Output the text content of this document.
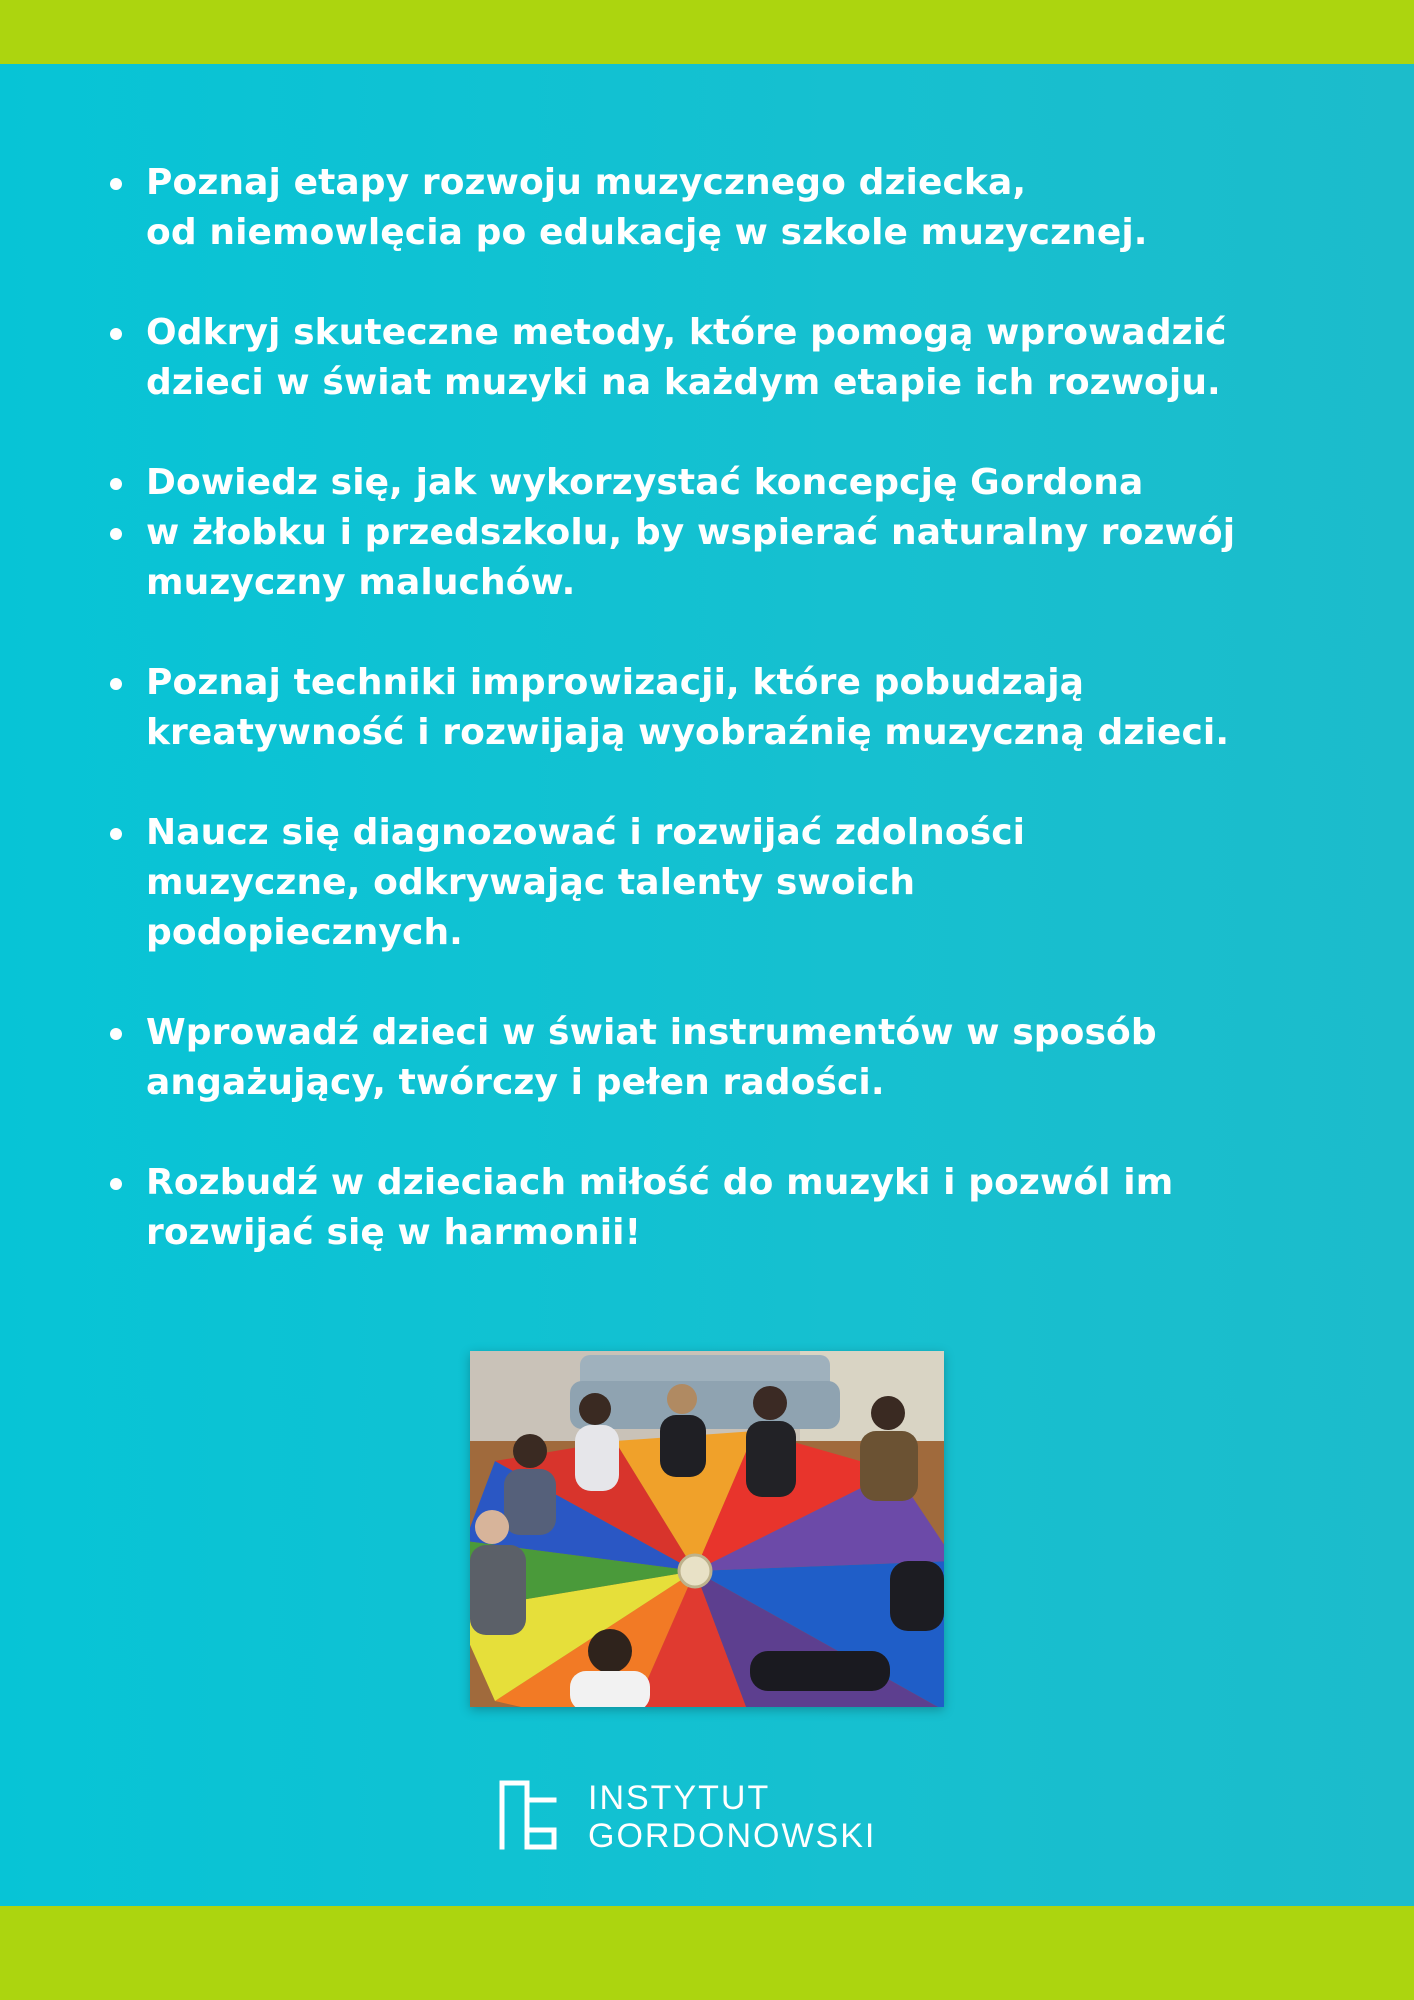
Poznaj etapy rozwoju muzycznego dziecka,
od niemowlęcia po edukację w szkole muzycznej.
Odkryj skuteczne metody, które pomogą wprowadzić
dzieci w świat muzyki na każdym etapie ich rozwoju.
Dowiedz się, jak wykorzystać koncepcję Gordona
w żłobku i przedszkolu, by wspierać naturalny rozwój
muzyczny maluchów.
Poznaj techniki improwizacji, które pobudzają
kreatywność i rozwijają wyobraźnię muzyczną dzieci.
Naucz się diagnozować i rozwijać zdolności
muzyczne, odkrywając talenty swoich
podopiecznych.
Wprowadź dzieci w świat instrumentów w sposób
angażujący, twórczy i pełen radości.
Rozbudź w dzieciach miłość do muzyki i pozwól im
rozwijać się w harmonii!
INSTYTUT
GORDONOWSKI
